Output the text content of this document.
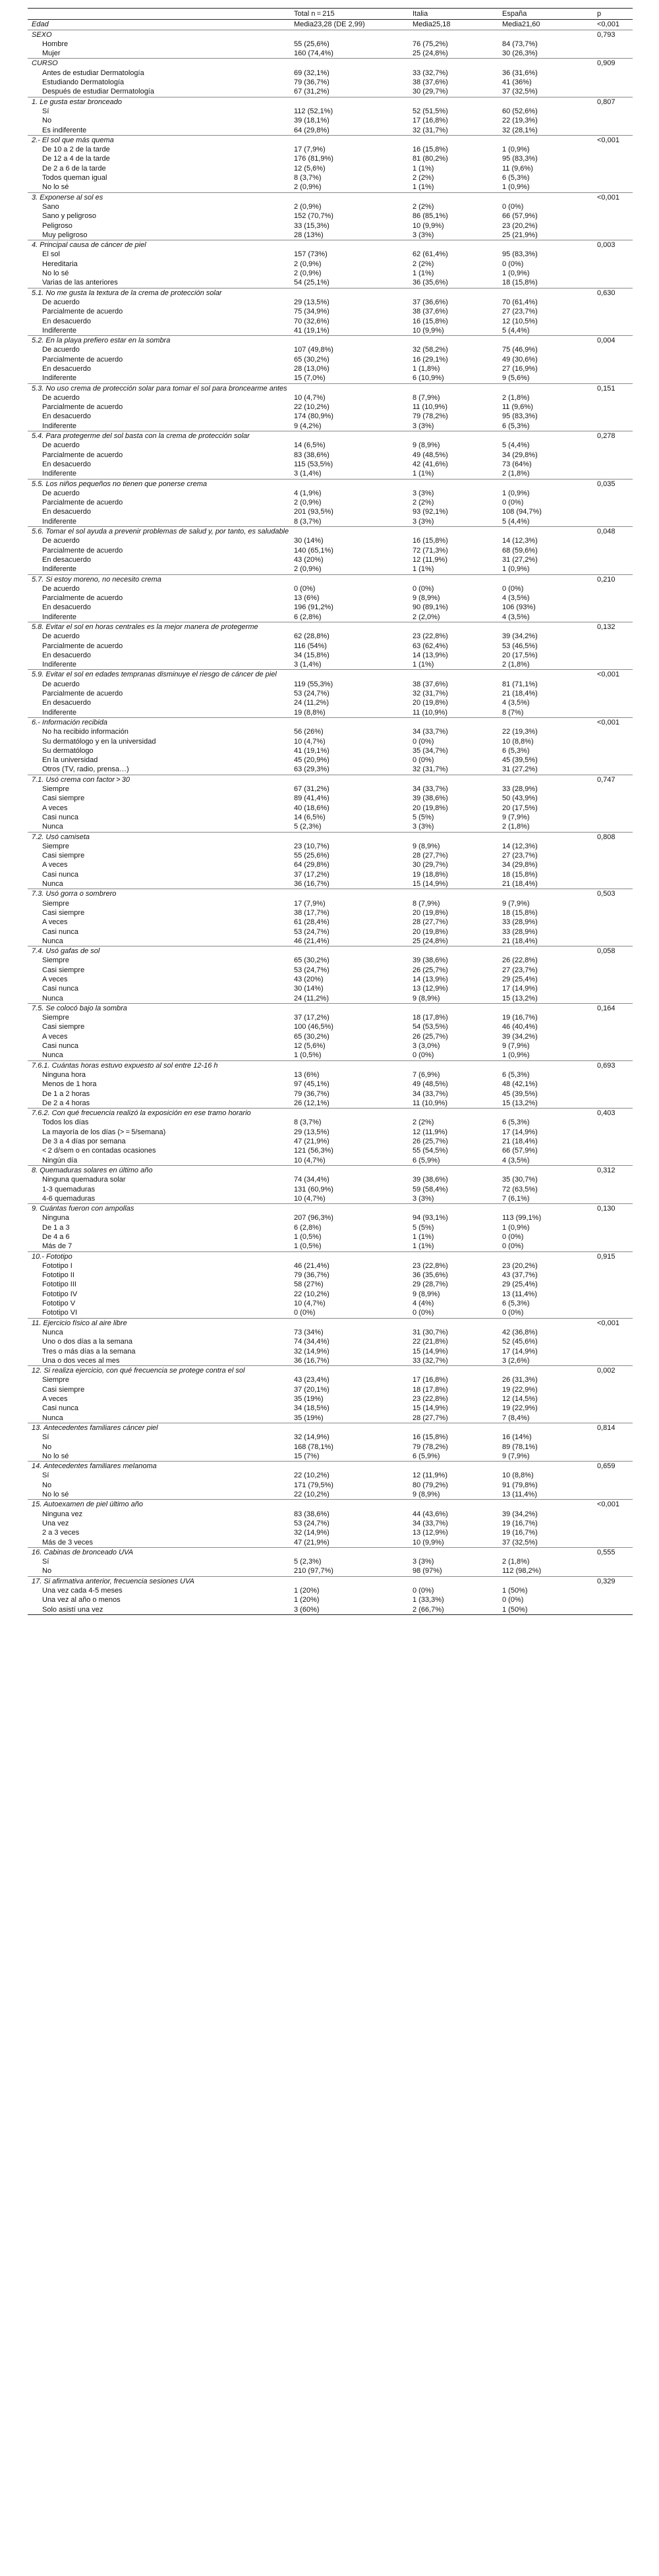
	Total n = 215	Italia	España	p
Edad	Media23,28 (DE 2,99)	Media25,18	Media21,60	<0,001
SEXO				0,793
Hombre	55 (25,6%)	76 (75,2%)	84 (73,7%)	
Mujer	160 (74,4%)	25 (24,8%)	30 (26,3%)	
CURSO				0,909
Antes de estudiar Dermatología	69 (32,1%)	33 (32,7%)	36 (31,6%)	
Estudiando Dermatología	79 (36,7%)	38 (37,6%)	41 (36%)	
Después de estudiar Dermatología	67 (31,2%)	30 (29,7%)	37 (32,5%)	
1. Le gusta estar bronceado				0,807
Sí	112 (52,1%)	52 (51,5%)	60 (52,6%)	
No	39 (18,1%)	17 (16,8%)	22 (19,3%)	
Es indiferente	64 (29,8%)	32 (31,7%)	32 (28,1%)	
2.- El sol que más quema				<0,001
De 10 a 2 de la tarde	17 (7,9%)	16 (15,8%)	1 (0,9%)	
De 12 a 4 de la tarde	176 (81,9%)	81 (80,2%)	95 (83,3%)	
De 2 a 6 de la tarde	12 (5,6%)	1 (1%)	11 (9,6%)	
Todos queman igual	8 (3,7%)	2 (2%)	6 (5,3%)	
No lo sé	2 (0,9%)	1 (1%)	1 (0,9%)	
3. Exponerse al sol es				<0,001
Sano	2 (0,9%)	2 (2%)	0 (0%)	
Sano y peligroso	152 (70,7%)	86 (85,1%)	66 (57,9%)	
Peligroso	33 (15,3%)	10 (9,9%)	23 (20,2%)	
Muy peligroso	28 (13%)	3 (3%)	25 (21,9%)	
4. Principal causa de cáncer de piel				0,003
El sol	157 (73%)	62 (61,4%)	95 (83,3%)	
Hereditaria	2 (0,9%)	2 (2%)	0 (0%)	
No lo sé	2 (0,9%)	1 (1%)	1 (0,9%)	
Varias de las anteriores	54 (25,1%)	36 (35,6%)	18 (15,8%)	
5.1. No me gusta la textura de la crema de protección solar				0,630
De acuerdo	29 (13,5%)	37 (36,6%)	70 (61,4%)	
Parcialmente de acuerdo	75 (34,9%)	38 (37,6%)	27 (23,7%)	
En desacuerdo	70 (32,6%)	16 (15,8%)	12 (10,5%)	
Indiferente	41 (19,1%)	10 (9,9%)	5 (4,4%)	
5.2. En la playa prefiero estar en la sombra				0,004
De acuerdo	107 (49,8%)	32 (58,2%)	75 (46,9%)	
Parcialmente de acuerdo	65 (30,2%)	16 (29,1%)	49 (30,6%)	
En desacuerdo	28 (13,0%)	1 (1,8%)	27 (16,9%)	
Indiferente	15 (7,0%)	6 (10,9%)	9 (5,6%)	
5.3. No uso crema de protección solar para tomar el sol para broncearme antes				0,151
De acuerdo	10 (4,7%)	8 (7,9%)	2 (1,8%)	
Parcialmente de acuerdo	22 (10,2%)	11 (10,9%)	11 (9,6%)	
En desacuerdo	174 (80,9%)	79 (78,2%)	95 (83,3%)	
Indiferente	9 (4,2%)	3 (3%)	6 (5,3%)	
5.4. Para protegerme del sol basta con la crema de protección solar				0,278
De acuerdo	14 (6,5%)	9 (8,9%)	5 (4,4%)	
Parcialmente de acuerdo	83 (38,6%)	49 (48,5%)	34 (29,8%)	
En desacuerdo	115 (53,5%)	42 (41,6%)	73 (64%)	
Indiferente	3 (1,4%)	1 (1%)	2 (1,8%)	
5.5. Los niños pequeños no tienen que ponerse crema				0,035
De acuerdo	4 (1,9%)	3 (3%)	1 (0,9%)	
Parcialmente de acuerdo	2 (0,9%)	2 (2%)	0 (0%)	
En desacuerdo	201 (93,5%)	93 (92,1%)	108 (94,7%)	
Indiferente	8 (3,7%)	3 (3%)	5 (4,4%)	
5.6. Tomar el sol ayuda a prevenir problemas de salud y, por tanto, es saludable				0,048
De acuerdo	30 (14%)	16 (15,8%)	14 (12,3%)	
Parcialmente de acuerdo	140 (65,1%)	72 (71,3%)	68 (59,6%)	
En desacuerdo	43 (20%)	12 (11,9%)	31 (27,2%)	
Indiferente	2 (0,9%)	1 (1%)	1 (0,9%)	
5.7. Si estoy moreno, no necesito crema				0,210
De acuerdo	0 (0%)	0 (0%)	0 (0%)	
Parcialmente de acuerdo	13 (6%)	9 (8,9%)	4 (3,5%)	
En desacuerdo	196 (91,2%)	90 (89,1%)	106 (93%)	
Indiferente	6 (2,8%)	2 (2,0%)	4 (3,5%)	
5.8. Evitar el sol en horas centrales es la mejor manera de protegerme				0,132
De acuerdo	62 (28,8%)	23 (22,8%)	39 (34,2%)	
Parcialmente de acuerdo	116 (54%)	63 (62,4%)	53 (46,5%)	
En desacuerdo	34 (15,8%)	14 (13,9%)	20 (17,5%)	
Indiferente	3 (1,4%)	1 (1%)	2 (1,8%)	
5.9. Evitar el sol en edades tempranas disminuye el riesgo de cáncer de piel				<0,001
De acuerdo	119 (55,3%)	38 (37,6%)	81 (71,1%)	
Parcialmente de acuerdo	53 (24,7%)	32 (31,7%)	21 (18,4%)	
En desacuerdo	24 (11,2%)	20 (19,8%)	4 (3,5%)	
Indiferente	19 (8,8%)	11 (10,9%)	8 (7%)	
6.- Información recibida				<0,001
No ha recibido información	56 (26%)	34 (33,7%)	22 (19,3%)	
Su dermatólogo y en la universidad	10 (4,7%)	0 (0%)	10 (8,8%)	
Su dermatólogo	41 (19,1%)	35 (34,7%)	6 (5,3%)	
En la universidad	45 (20,9%)	0 (0%)	45 (39,5%)	
Otros (TV, radio, prensa…)	63 (29,3%)	32 (31,7%)	31 (27,2%)	
7.1. Usó crema con factor > 30				0,747
Siempre	67 (31,2%)	34 (33,7%)	33 (28,9%)	
Casi siempre	89 (41,4%)	39 (38,6%)	50 (43,9%)	
A veces	40 (18,6%)	20 (19,8%)	20 (17,5%)	
Casi nunca	14 (6,5%)	5 (5%)	9 (7,9%)	
Nunca	5 (2,3%)	3 (3%)	2 (1,8%)	
7.2. Usó camiseta				0,808
Siempre	23 (10,7%)	9 (8,9%)	14 (12,3%)	
Casi siempre	55 (25,6%)	28 (27,7%)	27 (23,7%)	
A veces	64 (29,8%)	30 (29,7%)	34 (29,8%)	
Casi nunca	37 (17,2%)	19 (18,8%)	18 (15,8%)	
Nunca	36 (16,7%)	15 (14,9%)	21 (18,4%)	
7.3. Usó gorra o sombrero				0,503
Siempre	17 (7,9%)	8 (7,9%)	9 (7,9%)	
Casi siempre	38 (17,7%)	20 (19,8%)	18 (15,8%)	
A veces	61 (28,4%)	28 (27,7%)	33 (28,9%)	
Casi nunca	53 (24,7%)	20 (19,8%)	33 (28,9%)	
Nunca	46 (21,4%)	25 (24,8%)	21 (18,4%)	
7.4. Usó gafas de sol				0,058
Siempre	65 (30,2%)	39 (38,6%)	26 (22,8%)	
Casi siempre	53 (24,7%)	26 (25,7%)	27 (23,7%)	
A veces	43 (20%)	14 (13,9%)	29 (25,4%)	
Casi nunca	30 (14%)	13 (12,9%)	17 (14,9%)	
Nunca	24 (11,2%)	9 (8,9%)	15 (13,2%)	
7.5. Se colocó bajo la sombra				0,164
Siempre	37 (17,2%)	18 (17,8%)	19 (16,7%)	
Casi siempre	100 (46,5%)	54 (53,5%)	46 (40,4%)	
A veces	65 (30,2%)	26 (25,7%)	39 (34,2%)	
Casi nunca	12 (5,6%)	3 (3,0%)	9 (7,9%)	
Nunca	1 (0,5%)	0 (0%)	1 (0,9%)	
7.6.1. Cuántas horas estuvo expuesto al sol entre 12-16 h				0,693
Ninguna hora	13 (6%)	7 (6,9%)	6 (5,3%)	
Menos de 1 hora	97 (45,1%)	49 (48,5%)	48 (42,1%)	
De 1 a 2 horas	79 (36,7%)	34 (33,7%)	45 (39,5%)	
De 2 a 4 horas	26 (12,1%)	11 (10,9%)	15 (13,2%)	
7.6.2. Con qué frecuencia realizó la exposición en ese tramo horario				0,403
Todos los días	8 (3,7%)	2 (2%)	6 (5,3%)	
La mayoría de los días (> = 5/semana)	29 (13,5%)	12 (11,9%)	17 (14,9%)	
De 3 a 4 días por semana	47 (21,9%)	26 (25,7%)	21 (18,4%)	
< 2 d/sem o en contadas ocasiones	121 (56,3%)	55 (54,5%)	66 (57,9%)	
Ningún día	10 (4,7%)	6 (5,9%)	4 (3,5%)	
8. Quemaduras solares en último año				0,312
Ninguna quemadura solar	74 (34,4%)	39 (38,6%)	35 (30,7%)	
1-3 quemaduras	131 (60,9%)	59 (58,4%)	72 (63,5%)	
4-6 quemaduras	10 (4,7%)	3 (3%)	7 (6,1%)	
9. Cuántas fueron con ampollas				0,130
Ninguna	207 (96,3%)	94 (93,1%)	113 (99,1%)	
De 1 a 3	6 (2,8%)	5 (5%)	1 (0,9%)	
De 4 a 6	1 (0,5%)	1 (1%)	0 (0%)	
Más de 7	1 (0,5%)	1 (1%)	0 (0%)	
10.- Fototipo				0,915
Fototipo I	46 (21,4%)	23 (22,8%)	23 (20,2%)	
Fototipo II	79 (36,7%)	36 (35,6%)	43 (37,7%)	
Fototipo III	58 (27%)	29 (28,7%)	29 (25,4%)	
Fototipo IV	22 (10,2%)	9 (8,9%)	13 (11,4%)	
Fototipo V	10 (4,7%)	4 (4%)	6 (5,3%)	
Fototipo VI	0 (0%)	0 (0%)	0 (0%)	
11. Ejercicio físico al aire libre				<0,001
Nunca	73 (34%)	31 (30,7%)	42 (36,8%)	
Uno o dos días a la semana	74 (34,4%)	22 (21,8%)	52 (45,6%)	
Tres o más días a la semana	32 (14,9%)	15 (14,9%)	17 (14,9%)	
Una o dos veces al mes	36 (16,7%)	33 (32,7%)	3 (2,6%)	
12. Si realiza ejercicio, con qué frecuencia se protege contra el sol				0,002
Siempre	43 (23,4%)	17 (16,8%)	26 (31,3%)	
Casi siempre	37 (20,1%)	18 (17,8%)	19 (22,9%)	
A veces	35 (19%)	23 (22,8%)	12 (14,5%)	
Casi nunca	34 (18,5%)	15 (14,9%)	19 (22,9%)	
Nunca	35 (19%)	28 (27,7%)	7 (8,4%)	
13. Antecedentes familiares cáncer piel				0,814
Sí	32 (14,9%)	16 (15,8%)	16 (14%)	
No	168 (78,1%)	79 (78,2%)	89 (78,1%)	
No lo sé	15 (7%)	6 (5,9%)	9 (7,9%)	
14. Antecedentes familiares melanoma				0,659
Sí	22 (10,2%)	12 (11,9%)	10 (8,8%)	
No	171 (79,5%)	80 (79,2%)	91 (79,8%)	
No lo sé	22 (10,2%)	9 (8,9%)	13 (11,4%)	
15. Autoexamen de piel último año				<0,001
Ninguna vez	83 (38,6%)	44 (43,6%)	39 (34,2%)	
Una vez	53 (24,7%)	34 (33,7%)	19 (16,7%)	
2 a 3 veces	32 (14,9%)	13 (12,9%)	19 (16,7%)	
Más de 3 veces	47 (21,9%)	10 (9,9%)	37 (32,5%)	
16. Cabinas de bronceado UVA				0,555
Sí	5 (2,3%)	3 (3%)	2 (1,8%)	
No	210 (97,7%)	98 (97%)	112 (98,2%)	
17. Si afirmativa anterior, frecuencia sesiones UVA				0,329
Una vez cada 4-5 meses	1 (20%)	0 (0%)	1 (50%)	
Una vez al año o menos	1 (20%)	1 (33,3%)	0 (0%)	
Solo asistí una vez	3 (60%)	2 (66,7%)	1 (50%)	
